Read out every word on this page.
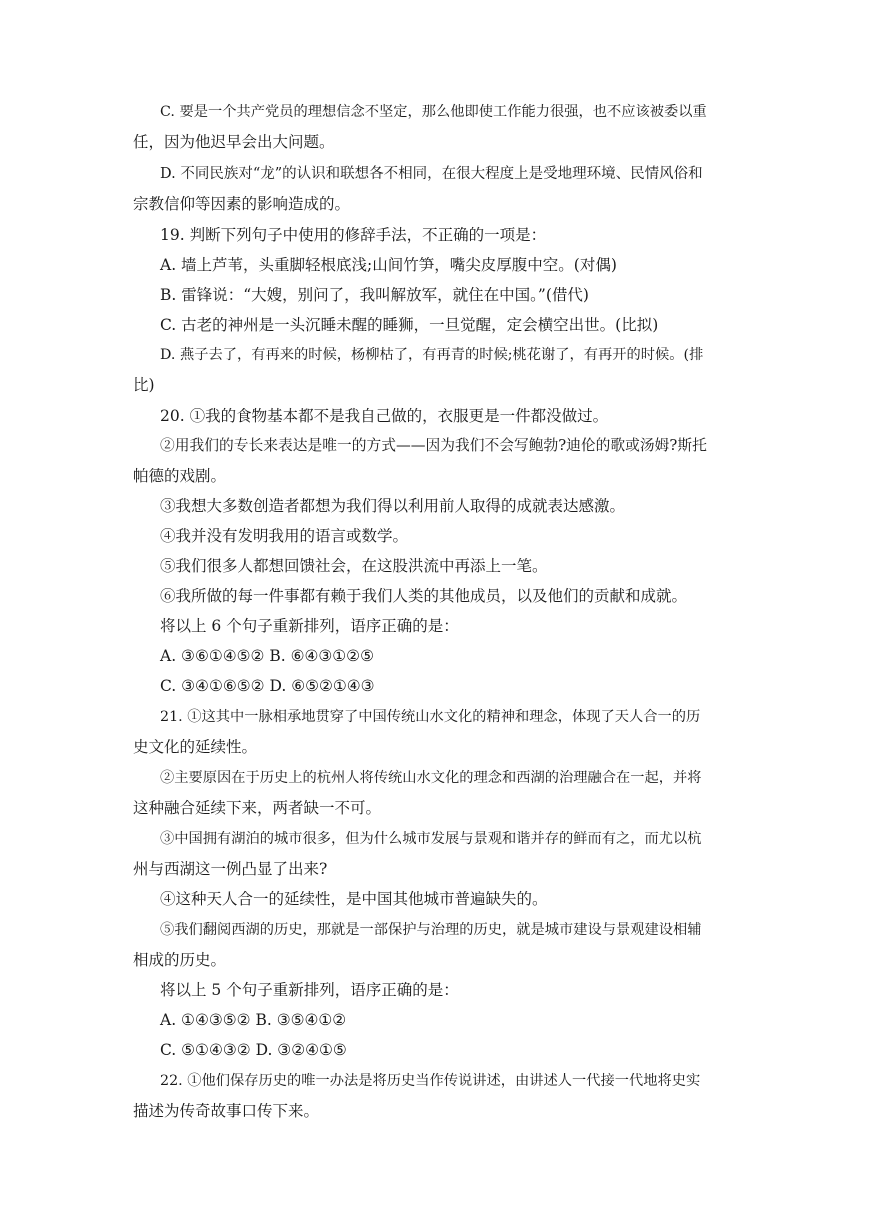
C. 要是一个共产党员的理想信念不坚定，那么他即使工作能力很强，也不应该被委以重

任，因为他迟早会出大问题。

D. 不同民族对“龙”的认识和联想各不相同，在很大程度上是受地理环境、民情风俗和

宗教信仰等因素的影响造成的。

19. 判断下列句子中使用的修辞手法，不正确的一项是：

A. 墙上芦苇，头重脚轻根底浅;山间竹笋，嘴尖皮厚腹中空。(对偶)

B. 雷锋说：“大嫂，别问了，我叫解放军，就住在中国。”(借代)

C. 古老的神州是一头沉睡未醒的睡狮，一旦觉醒，定会横空出世。(比拟)

D. 燕子去了，有再来的时候，杨柳枯了，有再青的时候;桃花谢了，有再开的时候。(排

比)

20. ①我的食物基本都不是我自己做的，衣服更是一件都没做过。

②用我们的专长来表达是唯一的方式——因为我们不会写鲍勃?迪伦的歌或汤姆?斯托

帕德的戏剧。

③我想大多数创造者都想为我们得以利用前人取得的成就表达感激。

④我并没有发明我用的语言或数学。

⑤我们很多人都想回馈社会，在这股洪流中再添上一笔。

⑥我所做的每一件事都有赖于我们人类的其他成员，以及他们的贡献和成就。

将以上 6 个句子重新排列，语序正确的是：

A. ③⑥①④⑤② B. ⑥④③①②⑤

C. ③④①⑥⑤② D. ⑥⑤②①④③

21. ①这其中一脉相承地贯穿了中国传统山水文化的精神和理念，体现了天人合一的历

史文化的延续性。

②主要原因在于历史上的杭州人将传统山水文化的理念和西湖的治理融合在一起，并将

这种融合延续下来，两者缺一不可。

③中国拥有湖泊的城市很多，但为什么城市发展与景观和谐并存的鲜而有之，而尤以杭

州与西湖这一例凸显了出来?

④这种天人合一的延续性，是中国其他城市普遍缺失的。

⑤我们翻阅西湖的历史，那就是一部保护与治理的历史，就是城市建设与景观建设相辅

相成的历史。

将以上 5 个句子重新排列，语序正确的是：

A. ①④③⑤② B. ③⑤④①②

C. ⑤①④③② D. ③②④①⑤

22. ①他们保存历史的唯一办法是将历史当作传说讲述，由讲述人一代接一代地将史实

描述为传奇故事口传下来。
